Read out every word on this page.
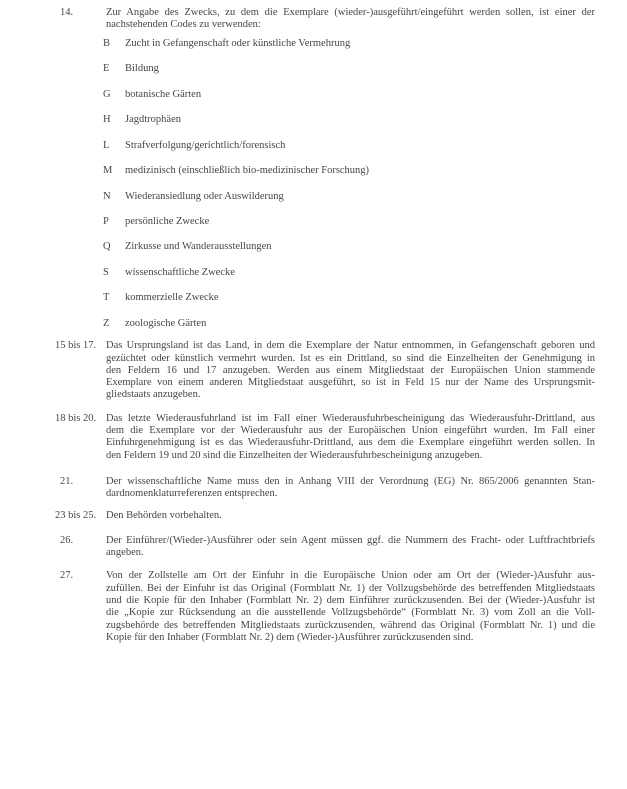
14.	Zur Angabe des Zwecks, zu dem die Exemplare (wieder-)ausgeführt/eingeführt werden sollen, ist einer der
nachstehenden Codes zu verwenden:
B	Zucht in Gefangenschaft oder künstliche Vermehrung
E	Bildung
G	botanische Gärten
H	Jagdtrophäen
L	Strafverfolgung/gerichtlich/forensisch
M	medizinisch (einschließlich bio-medizinischer Forschung)
N	Wiederansiedlung oder Auswilderung
P	persönliche Zwecke
Q	Zirkusse und Wanderausstellungen
S	wissenschaftliche Zwecke
T	kommerzielle Zwecke
Z	zoologische Gärten
15 bis 17. Das Ursprungsland ist das Land, in dem die Exemplare der Natur entnommen, in Gefangenschaft geboren und
gezüchtet oder künstlich vermehrt wurden. Ist es ein Drittland, so sind die Einzelheiten der Genehmigung in
den Feldern 16 und 17 anzugeben. Werden aus einem Mitgliedstaat der Europäischen Union stammende
Exemplare von einem anderen Mitgliedstaat ausgeführt, so ist in Feld 15 nur der Name des Ursprungsmit-
gliedstaats anzugeben.
18 bis 20. Das letzte Wiederausfuhrland ist im Fall einer Wiederausfuhrbescheinigung das Wiederausfuhr-Drittland, aus
dem die Exemplare vor der Wiederausfuhr aus der Europäischen Union eingeführt wurden. Im Fall einer
Einfuhrgenehmigung ist es das Wiederausfuhr-Drittland, aus dem die Exemplare eingeführt werden sollen. In
den Feldern 19 und 20 sind die Einzelheiten der Wiederausfuhrbescheinigung anzugeben.
21.	Der wissenschaftliche Name muss den in Anhang VIII der Verordnung (EG) Nr. 865/2006 genannten Stan-
dardnomenklaturreferenzen entsprechen.
23 bis 25. Den Behörden vorbehalten.
26.	Der Einführer/(Wieder-)Ausführer oder sein Agent müssen ggf. die Nummern des Fracht- oder Luftfrachtbriefs
angeben.
27.	Von der Zollstelle am Ort der Einfuhr in die Europäische Union oder am Ort der (Wieder-)Ausfuhr aus-
zufüllen. Bei der Einfuhr ist das Original (Formblatt Nr. 1) der Vollzugsbehörde des betreffenden Mitgliedstaats
und die Kopie für den Inhaber (Formblatt Nr. 2) dem Einführer zurückzusenden. Bei der (Wieder-)Ausfuhr ist
die „Kopie zur Rücksendung an die ausstellende Vollzugsbehörde“ (Formblatt Nr. 3) vom Zoll an die Voll-
zugsbehörde des betreffenden Mitgliedstaats zurückzusenden, während das Original (Formblatt Nr. 1) und die
Kopie für den Inhaber (Formblatt Nr. 2) dem (Wieder-)Ausführer zurückzusenden sind.
